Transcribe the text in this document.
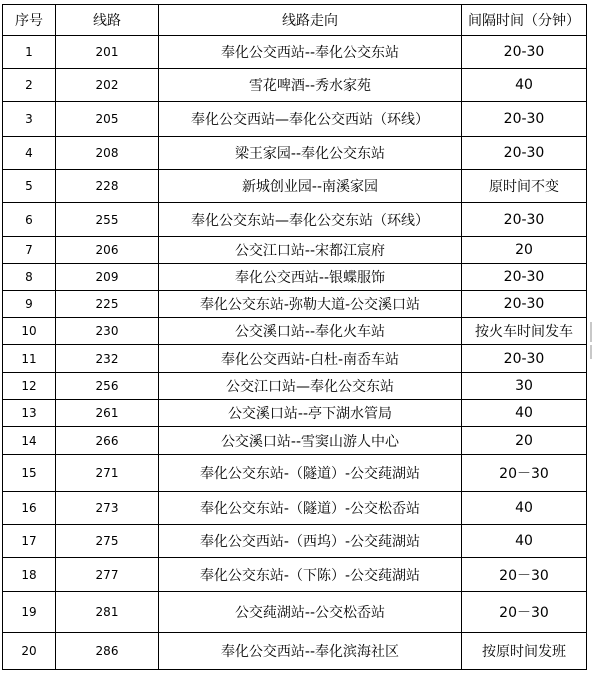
序号	线路	线路走向	间隔时间（分钟）
1	201	奉化公交西站--奉化公交东站	20-30
2	202	雪花啤酒--秀水家苑	40
3	205	奉化公交西站—奉化公交西站（环线）	20-30
4	208	梁王家园--奉化公交东站	20-30
5	228	新城创业园--南溪家园	原时间不变
6	255	奉化公交东站—奉化公交东站（环线）	20-30
7	206	公交江口站--宋都江宸府	20
8	209	奉化公交西站--银蝶服饰	20-30
9	225	奉化公交东站-弥勒大道-公交溪口站	20-30
10	230	公交溪口站--奉化火车站	按火车时间发车
11	232	奉化公交西站-白杜-南岙车站	20-30
12	256	公交江口站—奉化公交东站	30
13	261	公交溪口站--亭下湖水管局	40
14	266	公交溪口站--雪窦山游人中心	20
15	271	奉化公交东站-（隧道）-公交莼湖站	20－30
16	273	奉化公交东站-（隧道）-公交松岙站	40
17	275	奉化公交西站-（西坞）-公交莼湖站	40
18	277	奉化公交东站-（下陈）-公交莼湖站	20－30
19	281	公交莼湖站--公交松岙站	20－30
20	286	奉化公交西站--奉化滨海社区	按原时间发班
